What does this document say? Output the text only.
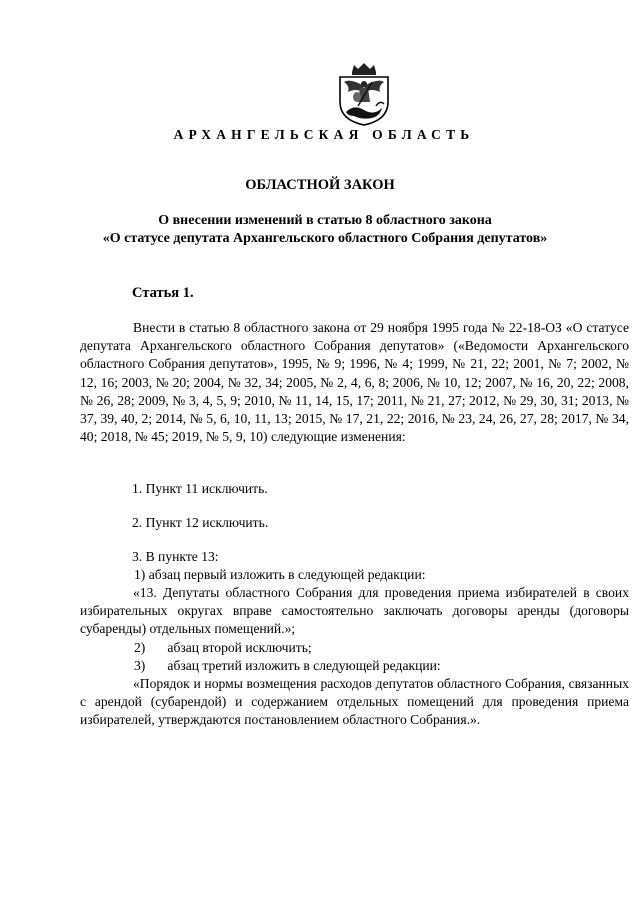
АРХАНГЕЛЬСКАЯ ОБЛАСТЬ
ОБЛАСТНОЙ ЗАКОН
О внесении изменений в статью 8 областного закона
«О статусе депутата Архангельского областного Собрания депутатов»
Статья 1.
Внести в статью 8 областного закона от 29 ноября 1995 года № 22-18-ОЗ «О статусе депутата Архангельского областного Собрания депутатов» («Ведомости Архангельского областного Собрания депутатов», 1995, № 9; 1996, № 4; 1999, № 21, 22; 2001, № 7; 2002, № 12, 16; 2003, № 20; 2004, № 32, 34; 2005, № 2, 4, 6, 8; 2006, № 10, 12; 2007, № 16, 20, 22; 2008, № 26, 28; 2009, № 3, 4, 5, 9; 2010, № 11, 14, 15, 17; 2011, № 21, 27; 2012, № 29, 30, 31; 2013, № 37, 39, 40, 2; 2014, № 5, 6, 10, 11, 13; 2015, № 17, 21, 22; 2016, № 23, 24, 26, 27, 28; 2017, № 34, 40; 2018, № 45; 2019, № 5, 9, 10) следующие изменения:
1. Пункт 11 исключить.
2. Пункт 12 исключить.
3. В пункте 13:
1) абзац первый изложить в следующей редакции:
«13. Депутаты областного Собрания для проведения приема избирателей в своих избирательных округах вправе самостоятельно заключать договоры аренды (договоры субаренды) отдельных помещений.»;
2) абзац второй исключить;
3) абзац третий изложить в следующей редакции:
«Порядок и нормы возмещения расходов депутатов областного Собрания, связанных с арендой (субарендой) и содержанием отдельных помещений для проведения приема избирателей, утверждаются постановлением областного Собрания.».
